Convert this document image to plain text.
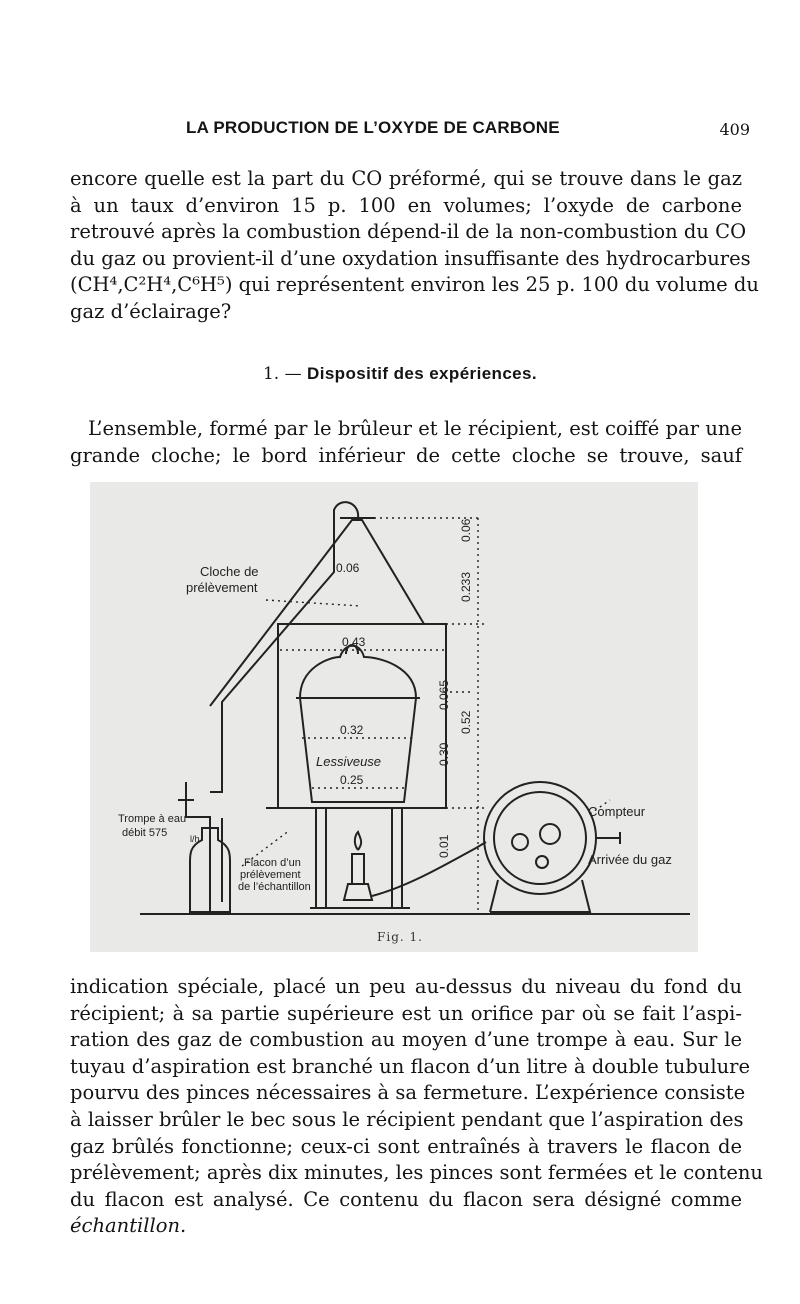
LA PRODUCTION DE L’OXYDE DE CARBONE	409
encore quelle est la part du CO préformé, qui se trouve dans le gaz
à un taux d’environ 15 p. 100 en volumes; l’oxyde de carbone
retrouvé après la combustion dépend-il de la non-combustion du CO
du gaz ou provient-il d’une oxydation insuffisante des hydrocarbures
(CH⁴,C²H⁴,C⁶H⁵) qui représentent environ les 25 p. 100 du volume du
gaz d’éclairage?
1. — Dispositif des expériences.
L’ensemble, formé par le brûleur et le récipient, est coiffé par une
grande cloche; le bord inférieur de cette cloche se trouve, sauf
0.06
0.43
0.32
0.25
0.06
0.233
0.065
0.52
0.30
0.01
Cloche de
prélèvement
Trompe à eau
débit 575	l/h
Flacon d’un
prélèvement
de l’échantillon
Compteur
Arrivée du gaz
Lessiveuse
Fig. 1.
indication spéciale, placé un peu au-dessus du niveau du fond du
récipient; à sa partie supérieure est un orifice par où se fait l’aspi-
ration des gaz de combustion au moyen d’une trompe à eau. Sur le
tuyau d’aspiration est branché un flacon d’un litre à double tubulure
pourvu des pinces nécessaires à sa fermeture. L’expérience consiste
à laisser brûler le bec sous le récipient pendant que l’aspiration des
gaz brûlés fonctionne; ceux-ci sont entraînés à travers le flacon de
prélèvement; après dix minutes, les pinces sont fermées et le contenu
du flacon est analysé. Ce contenu du flacon sera désigné comme
échantillon.
